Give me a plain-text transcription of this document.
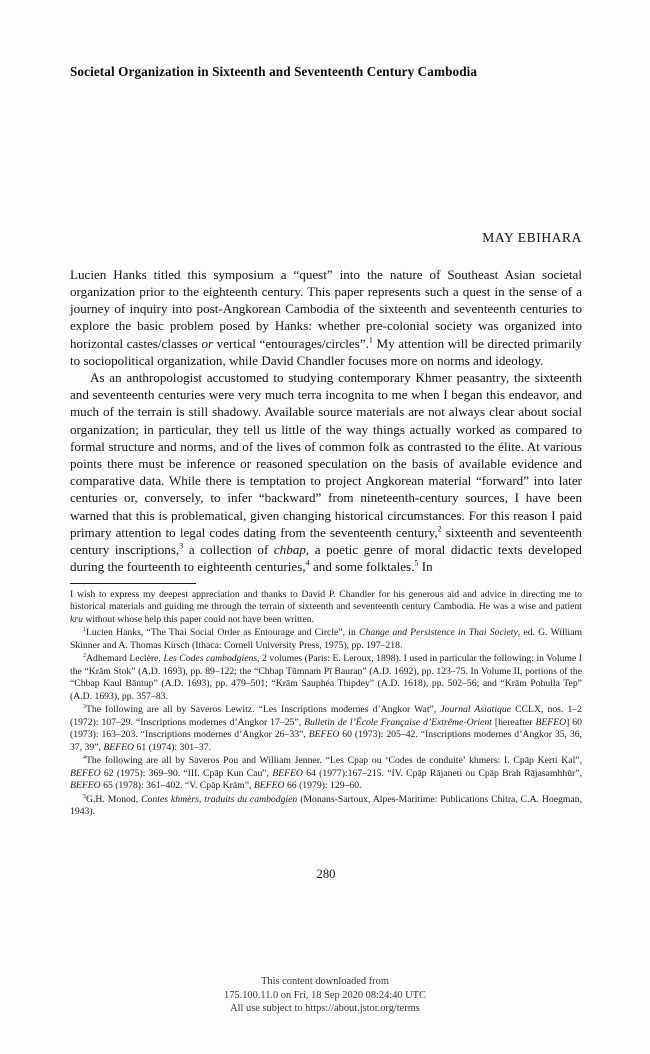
Societal Organization in Sixteenth and Seventeenth Century Cambodia
MAY EBIHARA

Lucien Hanks titled this symposium a “quest” into the nature of Southeast Asian societal organization prior to the eighteenth century. This paper represents such a quest in the sense of a journey of inquiry into post-Angkorean Cambodia of the sixteenth and seventeenth centuries to explore the basic problem posed by Hanks: whether pre-colonial society was organized into horizontal castes/classes or vertical “entourages/circles”.$^1$ My attention will be directed primarily to sociopolitical organization, while David Chandler focuses more on norms and ideology.

As an anthropologist accustomed to studying contemporary Khmer peasantry, the sixteenth and seventeenth centuries were very much terra incognita to me when I began this endeavor, and much of the terrain is still shadowy. Available source materials are not always clear about social organization; in particular, they tell us little of the way things actually worked as compared to formal structure and norms, and of the lives of common folk as contrasted to the élite. At various points there must be inference or reasoned speculation on the basis of available evidence and comparative data. While there is temptation to project Angkorean material “forward” into later centuries or, conversely, to infer “backward” from nineteenth-century sources, I have been warned that this is problematical, given changing historical circumstances. For this reason I paid primary attention to legal codes dating from the seventeenth century,$^2$ sixteenth and seventeenth century inscriptions,$^3$ a collection of chbap, a poetic genre of moral didactic texts developed during the fourteenth to eighteenth centuries,$^4$ and some folktales.$^5$ In

I wish to express my deepest appreciation and thanks to David P. Chandler for his generous aid and advice in directing me to historical materials and guiding me through the terrain of sixteenth and seventeenth century Cambodia. He was a wise and patient kru without whose help this paper could not have been written.

$^1$Lucien Hanks, “The Thai Social Order as Entourage and Circle”, in Change and Persistence in Thai Society, ed. G. William Skinner and A. Thomas Kirsch (Ithaca: Cornell University Press, 1975), pp. 197–218.

$^2$Adhemard Leclère, Les Codes cambodgiens, 2 volumes (Paris: E. Leroux, 1898). I used in particular the following: in Volume I the “Krām Stok” (A.D. 1693), pp. 89–122; the “Chbap Tŭmnaṁ Pī Bauraṇ” (A.D. 1692), pp. 123–75. In Volume II, portions of the “Chbap Kaul Bāntup” (A.D. 1693), pp. 479–501; “Krām Sauphéa Thipdey” (A.D. 1618), pp. 502–56; and “Krām Pohulla Tep” (A.D. 1693), pp. 357–83.

$^3$The following are all by Saveros Lewitz. “Les Inscriptions modernes d’Angkor Wat”, Journal Asiatique CCLX, nos. 1–2 (1972): 107–29. “Inscriptions modernes d’Angkor 17–25”, Bulletin de l’École Française d’Extrême-Orient [hereafter BEFEO] 60 (1973): 163–203. “Inscriptions modernes d’Angkor 26–33”, BEFEO 60 (1973): 205–42. “Inscriptions modernes d’Angkor 35, 36, 37, 39”, BEFEO 61 (1974): 301–37.

$^4$The following are all by Saveros Pou and William Jenner. “Les Cpap ou ‘Codes de conduite’ khmers: I. Cpāp Kerti Kal”, BEFEO 62 (1975): 369–90. “III. Cpāp Kun Cau”, BEFEO 64 (1977):167–215. “IV. Cpāp Rājaneti ou Cpāp Brah Rājasamhhūr”, BEFEO 65 (1978): 361–402. “V. Cpāp Krām”, BEFEO 66 (1979): 129–60.

$^5$G.H. Monod, Contes khmèrs, traduits du cambodgien (Monans-Sartoux, Alpes-Maritime: Publications Chitra, C.A. Hoegman, 1943).

280
This content downloaded from
175.100.11.0 on Fri, 18 Sep 2020 08:24:40 UTC
All use subject to https://about.jstor.org/terms
